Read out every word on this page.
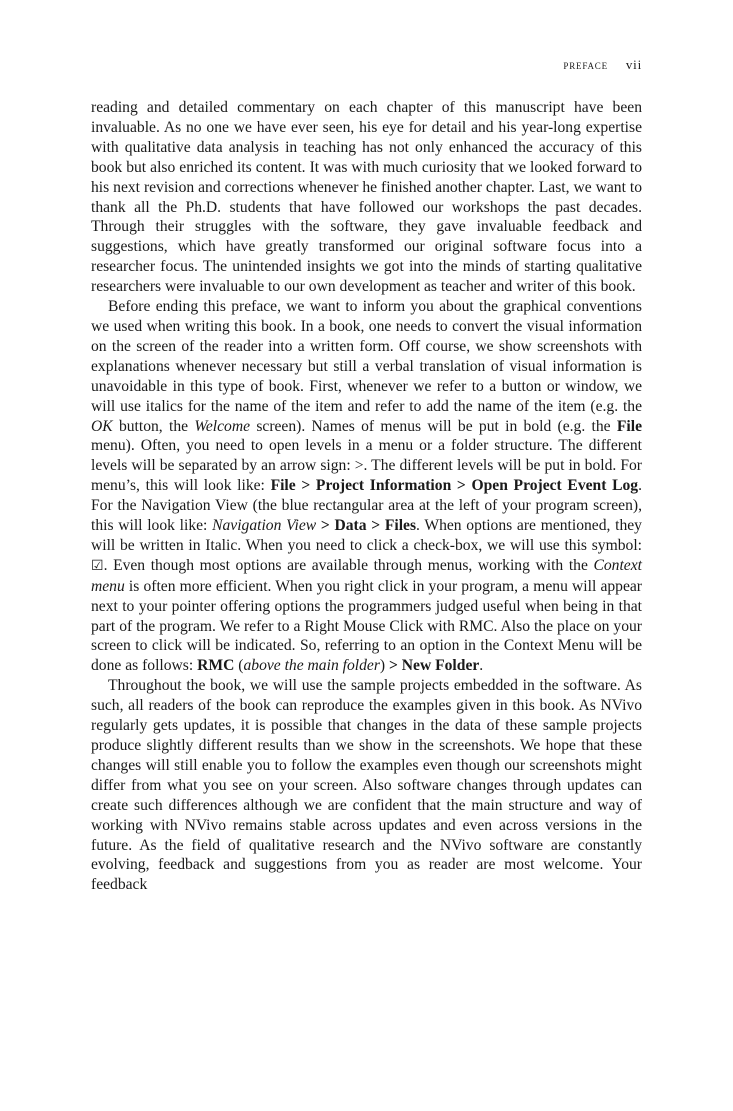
preface vii

reading and detailed commentary on each chapter of this manuscript have been invaluable. As no one we have ever seen, his eye for detail and his year-long expertise with qualitative data analysis in teaching has not only enhanced the accuracy of this book but also enriched its content. It was with much curiosity that we looked forward to his next revision and corrections whenever he finished another chapter. Last, we want to thank all the Ph.D. students that have followed our workshops the past decades. Through their struggles with the software, they gave invaluable feedback and suggestions, which have greatly transformed our original software focus into a researcher focus. The unintended insights we got into the minds of starting qualitative researchers were invaluable to our own development as teacher and writer of this book.

Before ending this preface, we want to inform you about the graphical conventions we used when writing this book. In a book, one needs to convert the visual information on the screen of the reader into a written form. Off course, we show screenshots with explanations whenever necessary but still a verbal translation of visual information is unavoidable in this type of book. First, whenever we refer to a button or window, we will use italics for the name of the item and refer to add the name of the item (e.g. the OK button, the Welcome screen). Names of menus will be put in bold (e.g. the File menu). Often, you need to open levels in a menu or a folder structure. The different levels will be separated by an arrow sign: >. The different levels will be put in bold. For menu’s, this will look like: File > Project Information > Open Project Event Log. For the Navigation View (the blue rectangular area at the left of your program screen), this will look like: Navigation View > Data > Files. When options are mentioned, they will be written in Italic. When you need to click a check-box, we will use this symbol: ☑. Even though most options are available through menus, working with the Context menu is often more efficient. When you right click in your program, a menu will appear next to your pointer offering options the programmers judged useful when being in that part of the program. We refer to a Right Mouse Click with RMC. Also the place on your screen to click will be indicated. So, referring to an option in the Context Menu will be done as follows: RMC (above the main folder) > New Folder.

Throughout the book, we will use the sample projects embedded in the software. As such, all readers of the book can reproduce the examples given in this book. As NVivo regularly gets updates, it is possible that changes in the data of these sample projects produce slightly different results than we show in the screenshots. We hope that these changes will still enable you to follow the examples even though our screenshots might differ from what you see on your screen. Also software changes through updates can create such differences although we are confident that the main structure and way of working with NVivo remains stable across updates and even across versions in the future. As the field of qualitative research and the NVivo software are constantly evolving, feedback and suggestions from you as reader are most welcome. Your feedback
